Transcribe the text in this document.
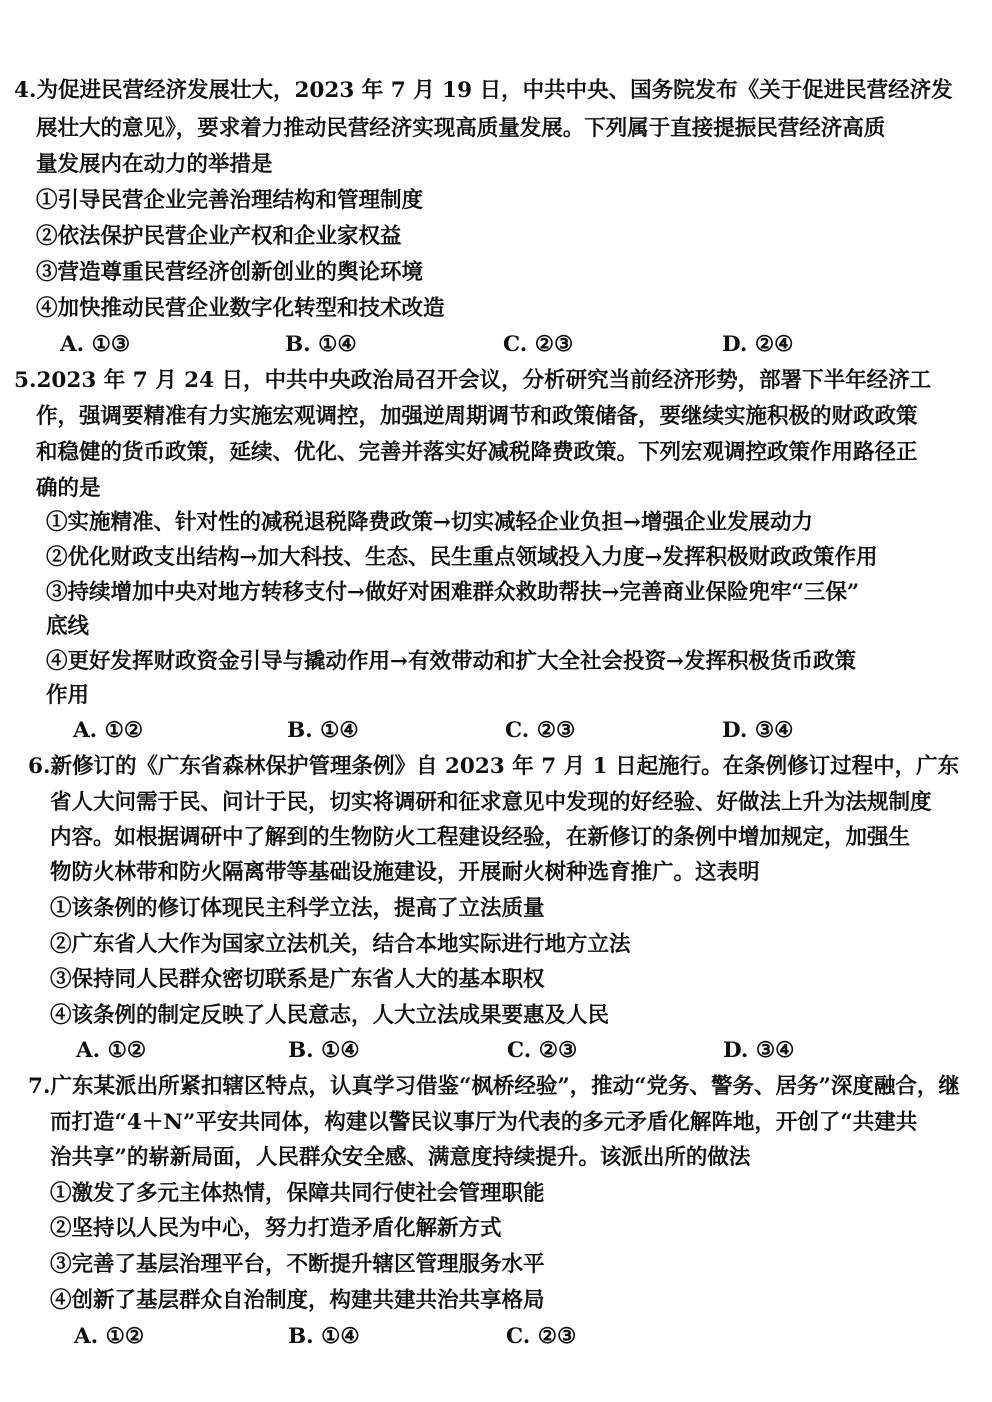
4.为促进民营经济发展壮大，2023 年 7 月 19 日，中共中央、国务院发布《关于促进民营经济发
展壮大的意见》，要求着力推动民营经济实现高质量发展。下列属于直接提振民营经济高质
量发展内在动力的举措是
①引导民营企业完善治理结构和管理制度
②依法保护民营企业产权和企业家权益
③营造尊重民营经济创新创业的舆论环境
④加快推动民营企业数字化转型和技术改造
A. ①③	B. ①④	C. ②③	D. ②④
5.2023 年 7 月 24 日，中共中央政治局召开会议，分析研究当前经济形势，部署下半年经济工
作，强调要精准有力实施宏观调控，加强逆周期调节和政策储备，要继续实施积极的财政政策
和稳健的货币政策，延续、优化、完善并落实好减税降费政策。下列宏观调控政策作用路径正
确的是
①实施精准、针对性的减税退税降费政策→切实减轻企业负担→增强企业发展动力
②优化财政支出结构→加大科技、生态、民生重点领域投入力度→发挥积极财政政策作用
③持续增加中央对地方转移支付→做好对困难群众救助帮扶→完善商业保险兜牢“三保”
底线
④更好发挥财政资金引导与撬动作用→有效带动和扩大全社会投资→发挥积极货币政策
作用
A. ①②	B. ①④	C. ②③	D. ③④
6.新修订的《广东省森林保护管理条例》自 2023 年 7 月 1 日起施行。在条例修订过程中，广东
省人大问需于民、问计于民，切实将调研和征求意见中发现的好经验、好做法上升为法规制度
内容。如根据调研中了解到的生物防火工程建设经验，在新修订的条例中增加规定，加强生
物防火林带和防火隔离带等基础设施建设，开展耐火树种选育推广。这表明
①该条例的修订体现民主科学立法，提高了立法质量
②广东省人大作为国家立法机关，结合本地实际进行地方立法
③保持同人民群众密切联系是广东省人大的基本职权
④该条例的制定反映了人民意志，人大立法成果要惠及人民
A. ①②	B. ①④	C. ②③	D. ③④
7.广东某派出所紧扣辖区特点，认真学习借鉴“枫桥经验”，推动“党务、警务、居务”深度融合，继
而打造“4＋N”平安共同体，构建以警民议事厅为代表的多元矛盾化解阵地，开创了“共建共
治共享”的崭新局面，人民群众安全感、满意度持续提升。该派出所的做法
①激发了多元主体热情，保障共同行使社会管理职能
②坚持以人民为中心，努力打造矛盾化解新方式
③完善了基层治理平台，不断提升辖区管理服务水平
④创新了基层群众自治制度，构建共建共治共享格局
A. ①②	B. ①④	C. ②③
